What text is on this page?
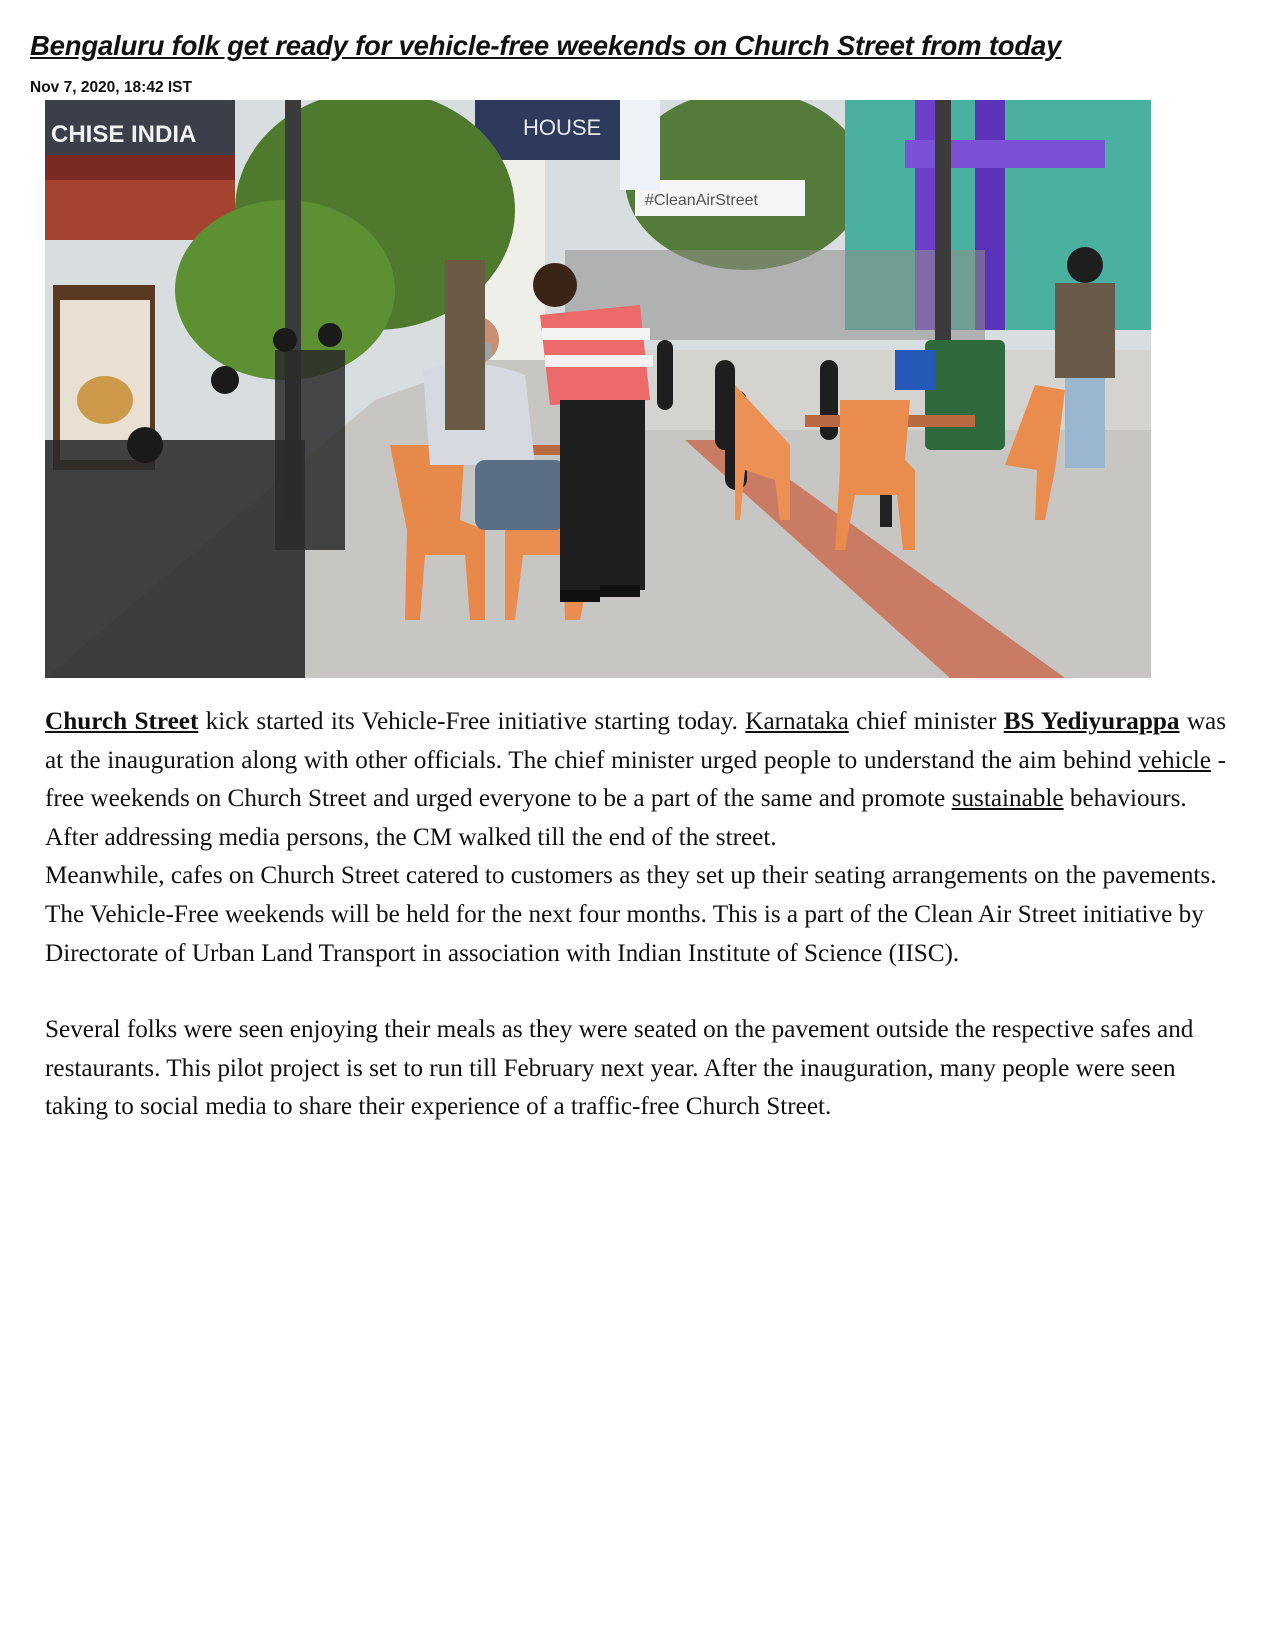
Bengaluru folk get ready for vehicle-free weekends on Church Street from today
Nov 7, 2020, 18:42 IST
CHISE INDIA	HOUSE
#CleanAirStreet

Church Street kick started its Vehicle-Free initiative starting today. Karnataka chief minister BS Yediyurappa was at the inauguration along with other officials. The chief minister urged people to understand the aim behind vehicle -free weekends on Church Street and urged everyone to be a part of the same and promote sustainable behaviours.

After addressing media persons, the CM walked till the end of the street.

Meanwhile, cafes on Church Street catered to customers as they set up their seating arrangements on the pavements. The Vehicle-Free weekends will be held for the next four months. This is a part of the Clean Air Street initiative by Directorate of Urban Land Transport in association with Indian Institute of Science (IISC).

Several folks were seen enjoying their meals as they were seated on the pavement outside the respective safes and restaurants. This pilot project is set to run till February next year. After the inauguration, many people were seen taking to social media to share their experience of a traffic-free Church Street.
